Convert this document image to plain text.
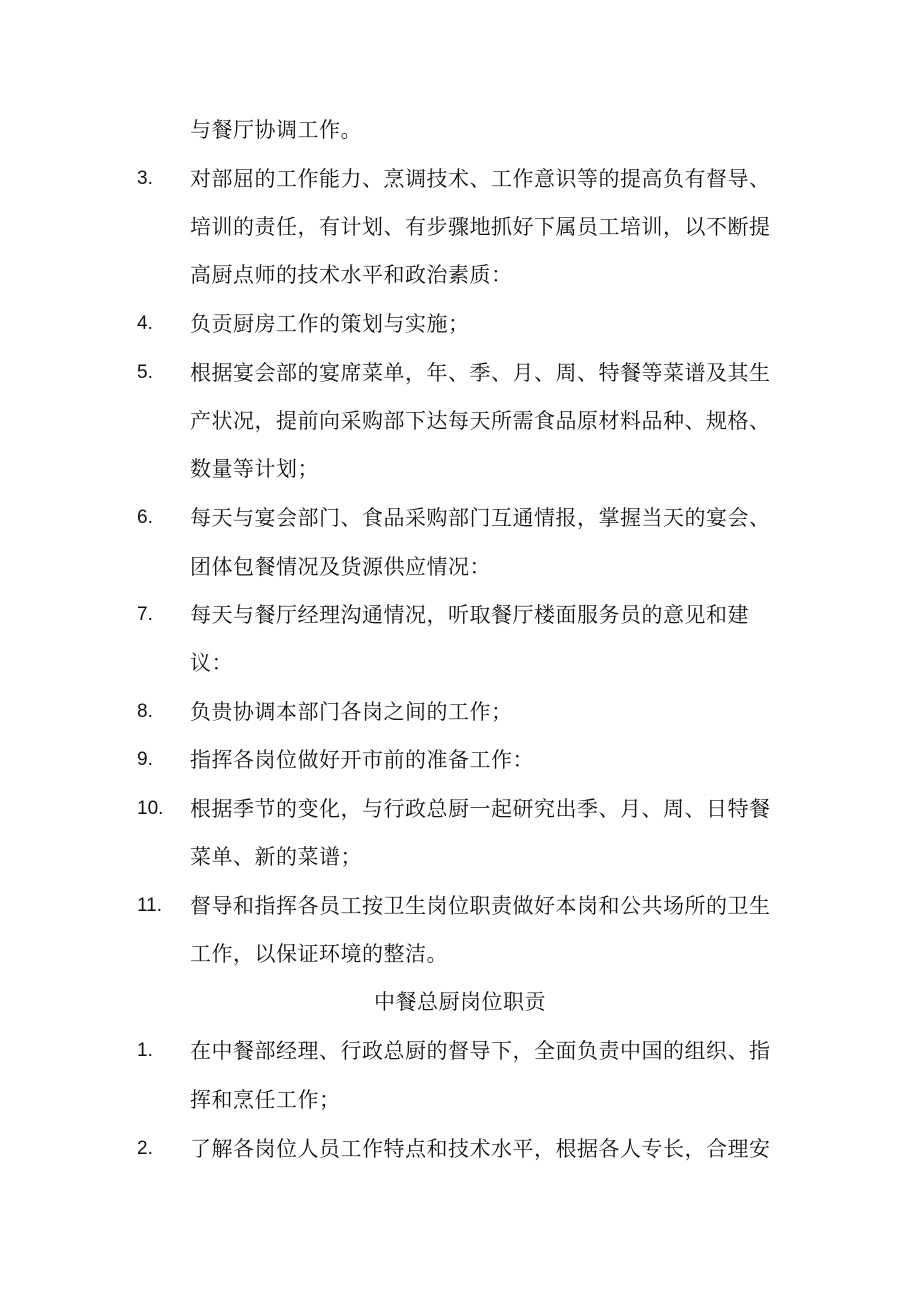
与餐厅协调工作。
3. 对部屈的工作能力、烹调技术、工作意识等的提高负有督导、
培训的责任，有计划、有步骤地抓好下属员工培训，以不断提
高厨点师的技术水平和政治素质：
4. 负贡厨房工作的策划与实施；
5. 根据宴会部的宴席菜单，年、季、月、周、特餐等菜谱及其生
产状况，提前向采购部下达每天所需食品原材料品种、规格、
数量等计划；
6. 每天与宴会部门、食品采购部门互通情报，掌握当天的宴会、
团体包餐情况及货源供应情况：
7. 每天与餐厅经理沟通情况，听取餐厅楼面服务员的意见和建
议：
8. 负贵协调本部门各岗之间的工作；
9. 指挥各岗位做好开市前的准备工作：
10. 根据季节的变化，与行政总厨一起研究出季、月、周、日特餐
菜单、新的菜谱；
11. 督导和指挥各员工按卫生岗位职责做好本岗和公共场所的卫生
工作，以保证环境的整洁。
中餐总厨岗位职贡
1. 在中餐部经理、行政总厨的督导下，全面负责中国的组织、指
挥和烹任工作；
2. 了解各岗位人员工作特点和技术水平，根据各人专长，合理安
